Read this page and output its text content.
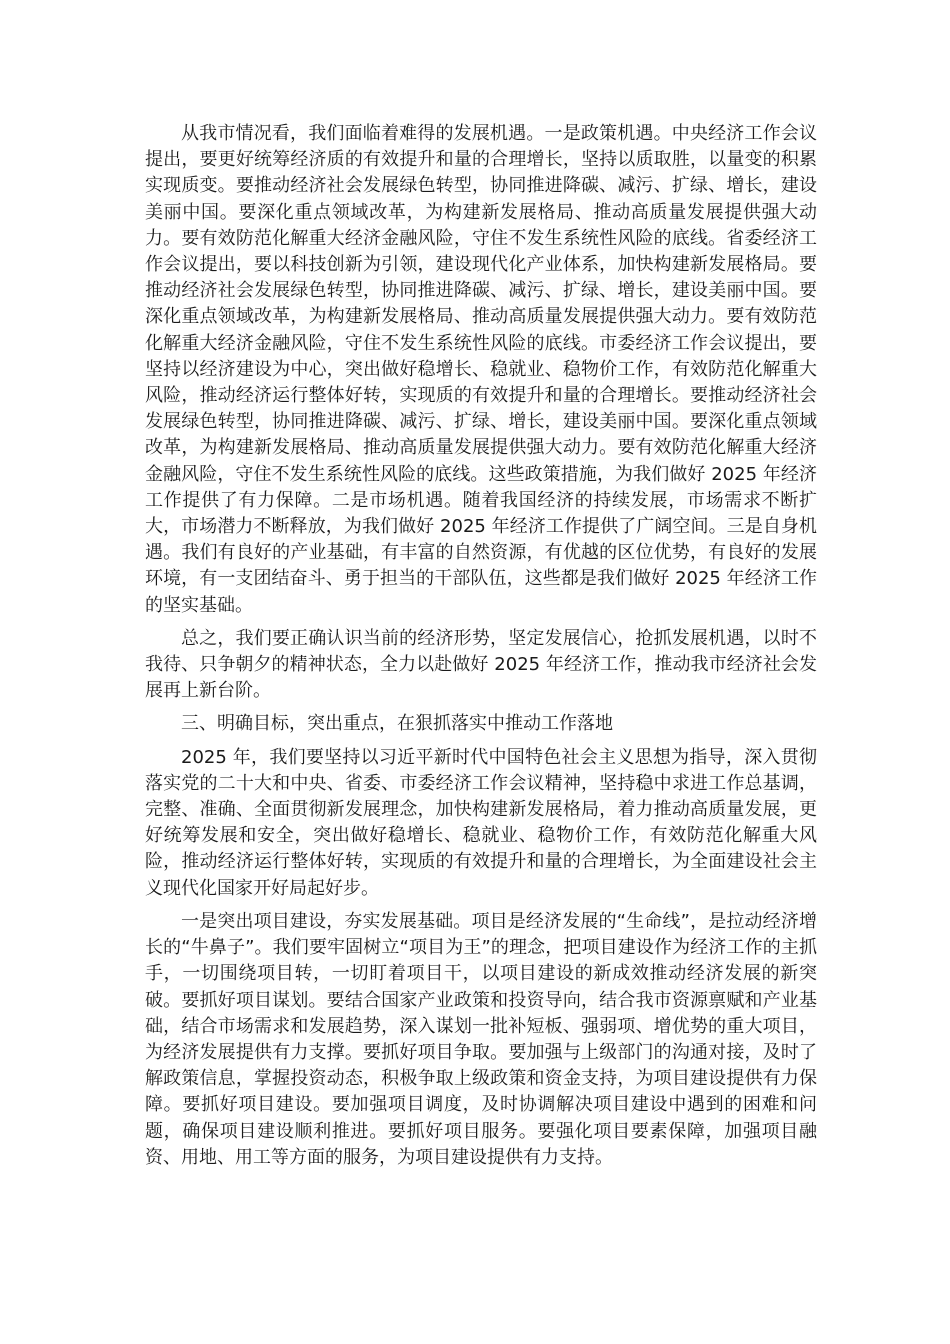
从我市情况看，我们面临着难得的发展机遇。一是政策机遇。中央经济工作会议提出，要更好统筹经济质的有效提升和量的合理增长，坚持以质取胜，以量变的积累实现质变。要推动经济社会发展绿色转型，协同推进降碳、减污、扩绿、增长，建设美丽中国。要深化重点领域改革，为构建新发展格局、推动高质量发展提供强大动力。要有效防范化解重大经济金融风险，守住不发生系统性风险的底线。省委经济工作会议提出，要以科技创新为引领，建设现代化产业体系，加快构建新发展格局。要推动经济社会发展绿色转型，协同推进降碳、减污、扩绿、增长，建设美丽中国。要深化重点领域改革，为构建新发展格局、推动高质量发展提供强大动力。要有效防范化解重大经济金融风险，守住不发生系统性风险的底线。市委经济工作会议提出，要坚持以经济建设为中心，突出做好稳增长、稳就业、稳物价工作，有效防范化解重大风险，推动经济运行整体好转，实现质的有效提升和量的合理增长。要推动经济社会发展绿色转型，协同推进降碳、减污、扩绿、增长，建设美丽中国。要深化重点领域改革，为构建新发展格局、推动高质量发展提供强大动力。要有效防范化解重大经济金融风险，守住不发生系统性风险的底线。这些政策措施，为我们做好 2025 年经济工作提供了有力保障。二是市场机遇。随着我国经济的持续发展，市场需求不断扩大，市场潜力不断释放，为我们做好 2025 年经济工作提供了广阔空间。三是自身机遇。我们有良好的产业基础，有丰富的自然资源，有优越的区位优势，有良好的发展环境，有一支团结奋斗、勇于担当的干部队伍，这些都是我们做好 2025 年经济工作的坚实基础。

总之，我们要正确认识当前的经济形势，坚定发展信心，抢抓发展机遇，以时不我待、只争朝夕的精神状态，全力以赴做好 2025 年经济工作，推动我市经济社会发展再上新台阶。

三、明确目标，突出重点，在狠抓落实中推动工作落地

2025 年，我们要坚持以习近平新时代中国特色社会主义思想为指导，深入贯彻落实党的二十大和中央、省委、市委经济工作会议精神，坚持稳中求进工作总基调，完整、准确、全面贯彻新发展理念，加快构建新发展格局，着力推动高质量发展，更好统筹发展和安全，突出做好稳增长、稳就业、稳物价工作，有效防范化解重大风险，推动经济运行整体好转，实现质的有效提升和量的合理增长，为全面建设社会主义现代化国家开好局起好步。

一是突出项目建设，夯实发展基础。项目是经济发展的“生命线”，是拉动经济增长的“牛鼻子”。我们要牢固树立“项目为王”的理念，把项目建设作为经济工作的主抓手，一切围绕项目转，一切盯着项目干，以项目建设的新成效推动经济发展的新突破。要抓好项目谋划。要结合国家产业政策和投资导向，结合我市资源禀赋和产业基础，结合市场需求和发展趋势，深入谋划一批补短板、强弱项、增优势的重大项目，为经济发展提供有力支撑。要抓好项目争取。要加强与上级部门的沟通对接，及时了解政策信息，掌握投资动态，积极争取上级政策和资金支持，为项目建设提供有力保障。要抓好项目建设。要加强项目调度，及时协调解决项目建设中遇到的困难和问题，确保项目建设顺利推进。要抓好项目服务。要强化项目要素保障，加强项目融资、用地、用工等方面的服务，为项目建设提供有力支持。
